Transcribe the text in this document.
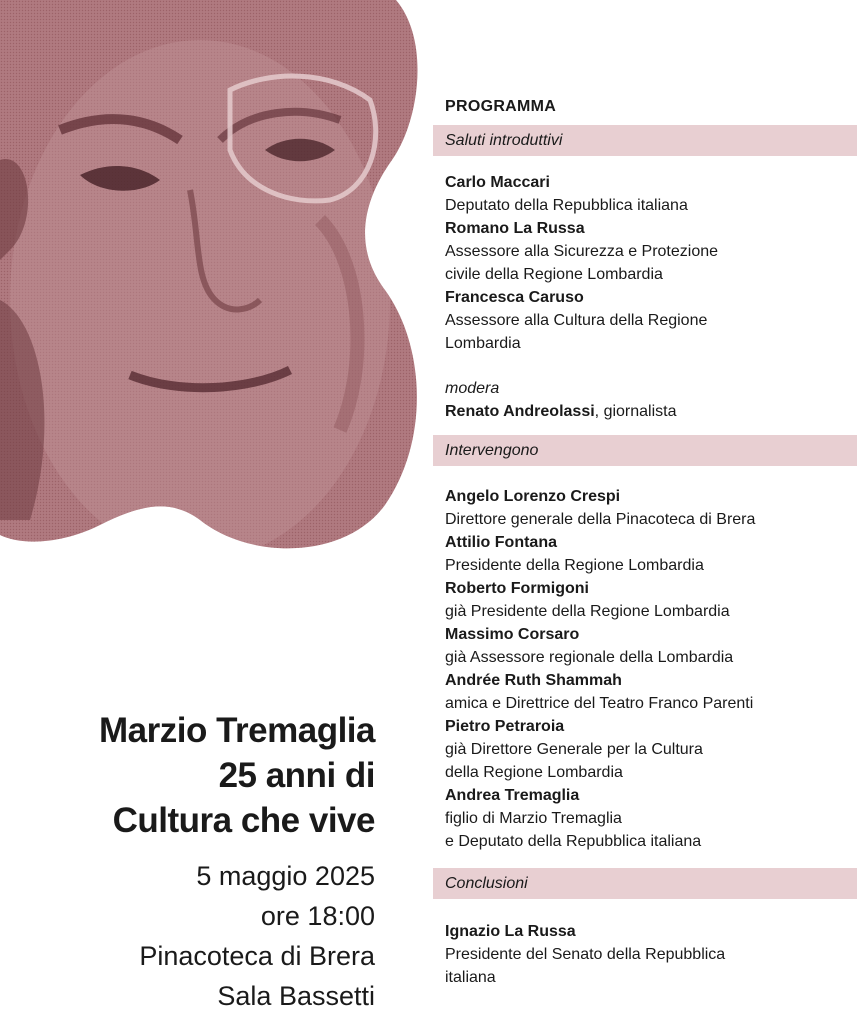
Marzio Tremaglia
25 anni di
Cultura che vive
5 maggio 2025
ore 18:00
Pinacoteca di Brera
Sala Bassetti
PROGRAMMA
Saluti introduttivi
Carlo Maccari
Deputato della Repubblica italiana
Romano La Russa
Assessore alla Sicurezza e Protezione
civile della Regione Lombardia
Francesca Caruso
Assessore alla Cultura della Regione
Lombardia
modera
Renato Andreolassi, giornalista
Intervengono
Angelo Lorenzo Crespi
Direttore generale della Pinacoteca di Brera
Attilio Fontana
Presidente della Regione Lombardia
Roberto Formigoni
già Presidente della Regione Lombardia
Massimo Corsaro
già Assessore regionale della Lombardia
Andrée Ruth Shammah
amica e Direttrice del Teatro Franco Parenti
Pietro Petraroia
già Direttore Generale per la Cultura
della Regione Lombardia
Andrea Tremaglia
figlio di Marzio Tremaglia
e Deputato della Repubblica italiana
Conclusioni
Ignazio La Russa
Presidente del Senato della Repubblica
italiana
